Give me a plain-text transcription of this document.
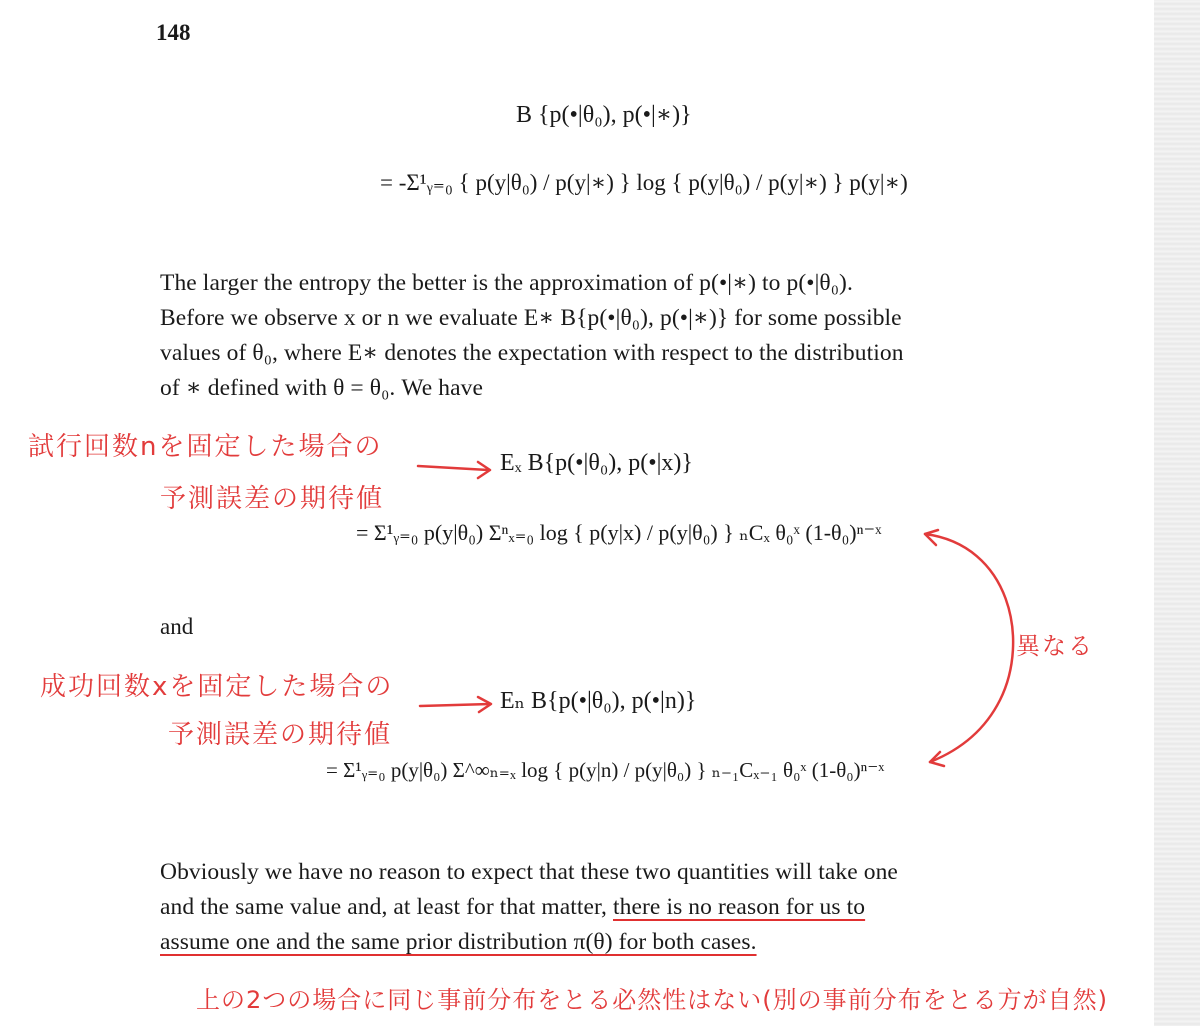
148
B {p(•|θ₀), p(•|∗)}
= -Σ¹ᵧ₌₀ { p(y|θ₀) / p(y|∗) } log { p(y|θ₀) / p(y|∗) } p(y|∗)
The larger the entropy the better is the approximation of p(•|∗) to p(•|θ₀).
Before we observe x or n we evaluate E∗ B{p(•|θ₀), p(•|∗)} for some possible
values of θ₀, where E∗ denotes the expectation with respect to the distribution
of ∗ defined with θ = θ₀. We have
Eₓ B{p(•|θ₀), p(•|x)}
= Σ¹ᵧ₌₀ p(y|θ₀) Σⁿₓ₌₀ log { p(y|x) / p(y|θ₀) } ₙCₓ θ₀ˣ (1-θ₀)ⁿ⁻ˣ
and
Eₙ B{p(•|θ₀), p(•|n)}
= Σ¹ᵧ₌₀ p(y|θ₀) Σ^∞ₙ₌ₓ log { p(y|n) / p(y|θ₀) } ₙ₋₁Cₓ₋₁ θ₀ˣ (1-θ₀)ⁿ⁻ˣ
Obviously we have no reason to expect that these two quantities will take one
and the same value and, at least for that matter, there is no reason for us to
assume one and the same prior distribution π(θ) for both cases.
試行回数nを固定した場合の
予測誤差の期待値
成功回数xを固定した場合の
予測誤差の期待値
異なる
上の2つの場合に同じ事前分布をとる必然性はない(別の事前分布をとる方が自然)
